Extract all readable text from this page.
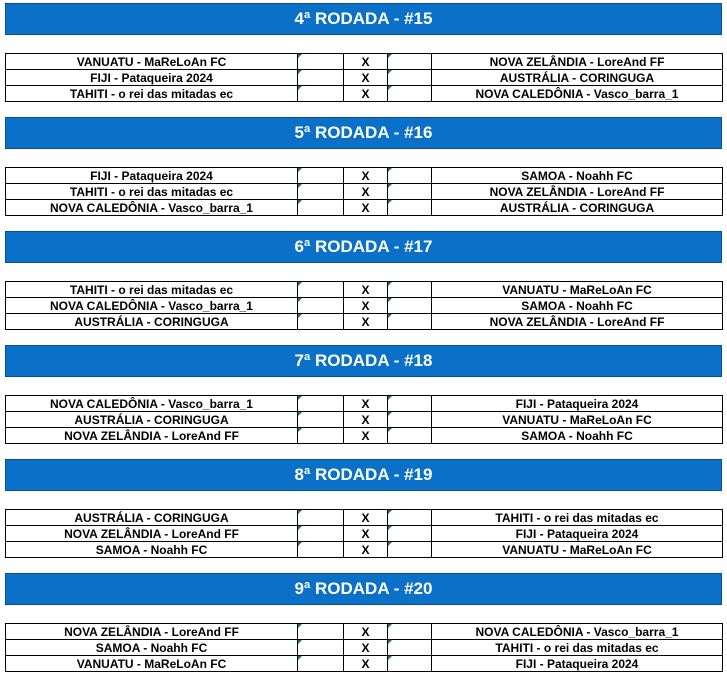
4ª RODADA - #15
VANUATU - MaReLoAn FC		X		NOVA ZELÂNDIA - LoreAnd FF
FIJI - Pataqueira 2024		X		AUSTRÁLIA - CORINGUGA
TAHITI - o rei das mitadas ec		X		NOVA CALEDÔNIA - Vasco_barra_1
5ª RODADA - #16
FIJI - Pataqueira 2024		X		SAMOA - Noahh FC
TAHITI - o rei das mitadas ec		X		NOVA ZELÂNDIA - LoreAnd FF
NOVA CALEDÔNIA - Vasco_barra_1		X		AUSTRÁLIA - CORINGUGA
6ª RODADA - #17
TAHITI - o rei das mitadas ec		X		VANUATU - MaReLoAn FC
NOVA CALEDÔNIA - Vasco_barra_1		X		SAMOA - Noahh FC
AUSTRÁLIA - CORINGUGA		X		NOVA ZELÂNDIA - LoreAnd FF
7ª RODADA - #18
NOVA CALEDÔNIA - Vasco_barra_1		X		FIJI - Pataqueira 2024
AUSTRÁLIA - CORINGUGA		X		VANUATU - MaReLoAn FC
NOVA ZELÂNDIA - LoreAnd FF		X		SAMOA - Noahh FC
8ª RODADA - #19
AUSTRÁLIA - CORINGUGA		X		TAHITI - o rei das mitadas ec
NOVA ZELÂNDIA - LoreAnd FF		X		FIJI - Pataqueira 2024
SAMOA - Noahh FC		X		VANUATU - MaReLoAn FC
9ª RODADA - #20
NOVA ZELÂNDIA - LoreAnd FF		X		NOVA CALEDÔNIA - Vasco_barra_1
SAMOA - Noahh FC		X		TAHITI - o rei das mitadas ec
VANUATU - MaReLoAn FC		X		FIJI - Pataqueira 2024
